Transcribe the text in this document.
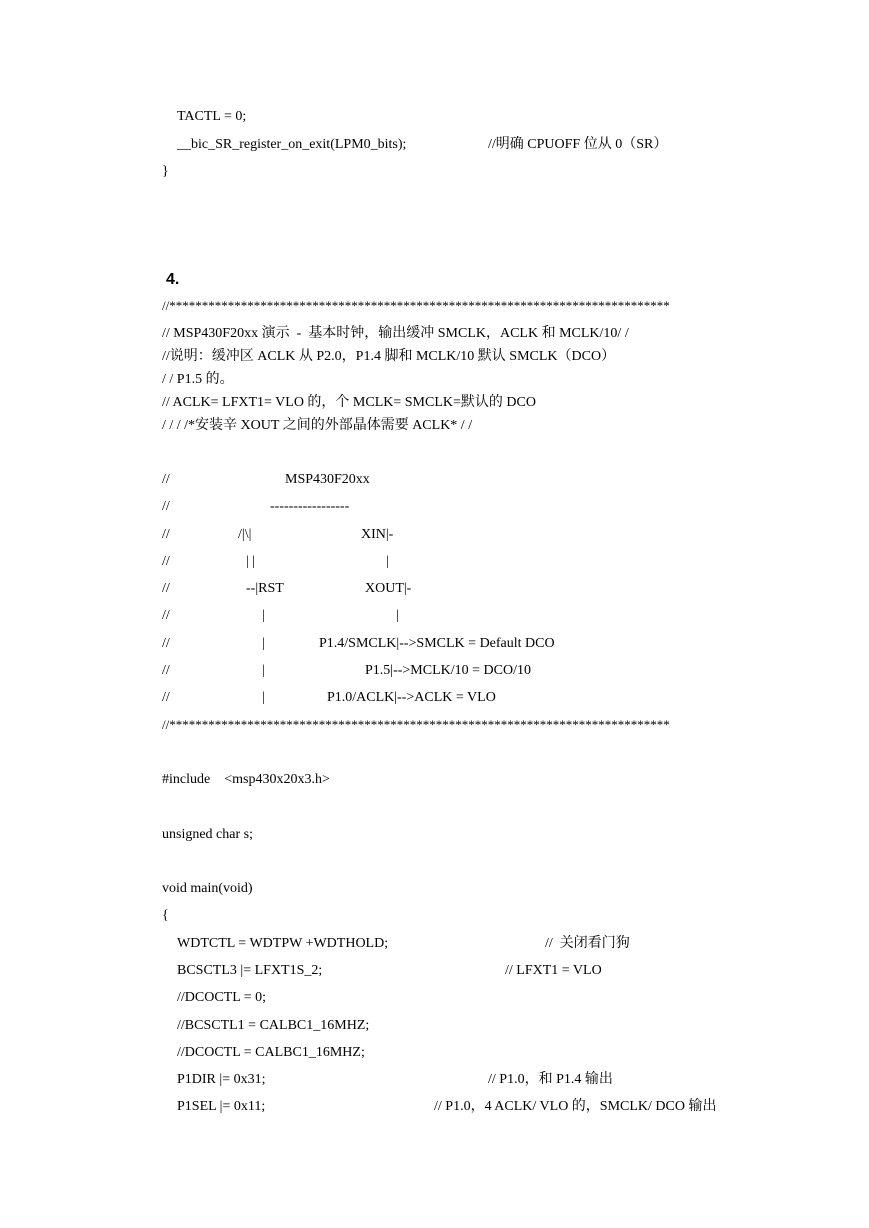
TACTL = 0;
__bic_SR_register_on_exit(LPM0_bits);	//明确 CPUOFF 位从 0（SR）
}
4.
//*****************************************************************************
// MSP430F20xx 演示  -  基本时钟，输出缓冲 SMCLK，ACLK 和 MCLK/10/ /
//说明：缓冲区 ACLK 从 P2.0，P1.4 脚和 MCLK/10 默认 SMCLK（DCO）
/ / P1.5 的。
// ACLK= LFXT1= VLO 的，个 MCLK= SMCLK=默认的 DCO
/ / / /*安装辛 XOUT 之间的外部晶体需要 ACLK* / /
//	MSP430F20xx
//	-----------------
//	/|\|	XIN|-
//	| |	|
//	--|RST	XOUT|-
//	|	|
//	|	P1.4/SMCLK|-->SMCLK = Default DCO
//	|	P1.5|-->MCLK/10 = DCO/10
//	|	P1.0/ACLK|-->ACLK = VLO
//*****************************************************************************
#include    <msp430x20x3.h>
unsigned char s;
void main(void)
{
WDTCTL = WDTPW +WDTHOLD;	//  关闭看门狗
BCSCTL3 |= LFXT1S_2;	// LFXT1 = VLO
//DCOCTL = 0;
//BCSCTL1 = CALBC1_16MHZ;
//DCOCTL = CALBC1_16MHZ;
P1DIR |= 0x31;	// P1.0，和 P1.4 输出
P1SEL |= 0x11;	// P1.0，4 ACLK/ VLO 的，SMCLK/ DCO 输出
